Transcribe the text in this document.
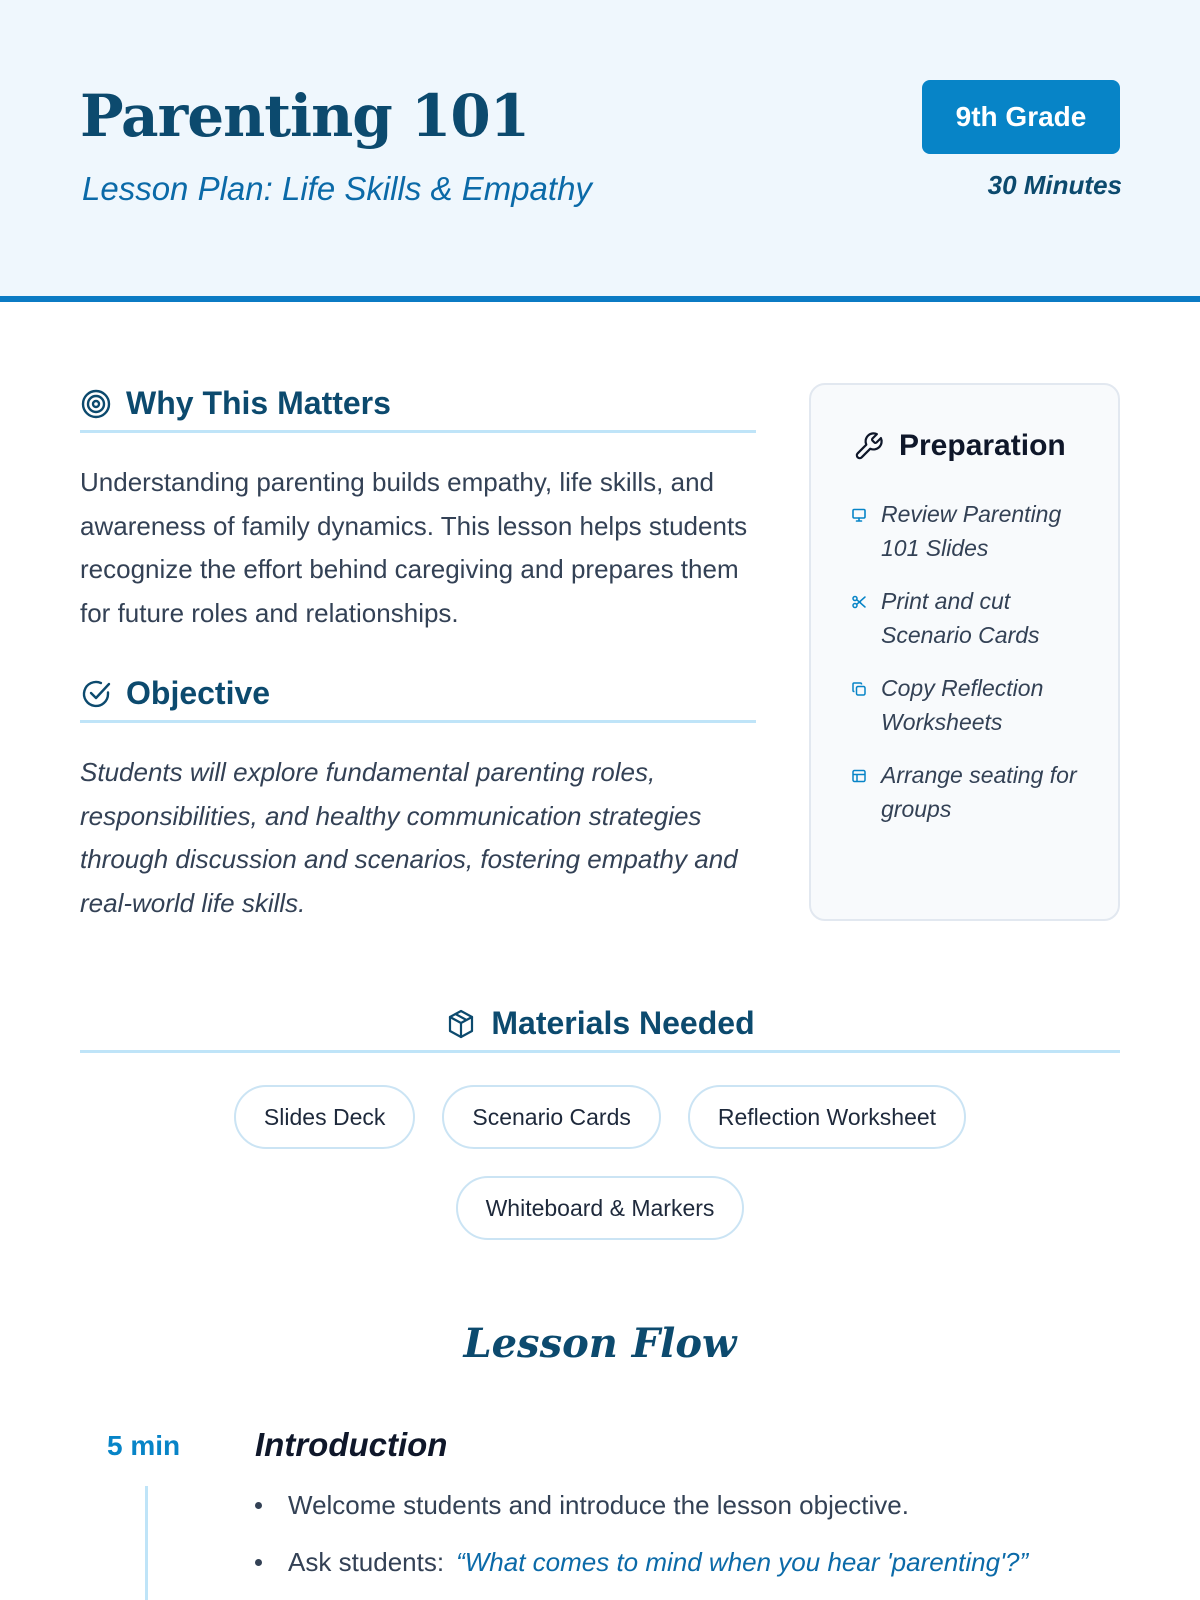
Parenting 101
Lesson Plan: Life Skills & Empathy
9th Grade
30 Minutes
Why This Matters

Understanding parenting builds empathy, life skills, and awareness of family dynamics. This lesson helps students recognize the effort behind caregiving and prepares them for future roles and relationships.

Objective

Students will explore fundamental parenting roles, responsibilities, and healthy communication strategies through discussion and scenarios, fostering empathy and real-world life skills.

Preparation
Review Parenting 101 Slides
Print and cut Scenario Cards
Copy Reflection Worksheets
Arrange seating for groups
Materials Needed
Slides Deck	Scenario Cards	Reflection Worksheet
Whiteboard & Markers
Lesson Flow
5 min Introduction
Welcome students and introduce the lesson objective.
Ask students: “What comes to mind when you hear 'parenting'?”
